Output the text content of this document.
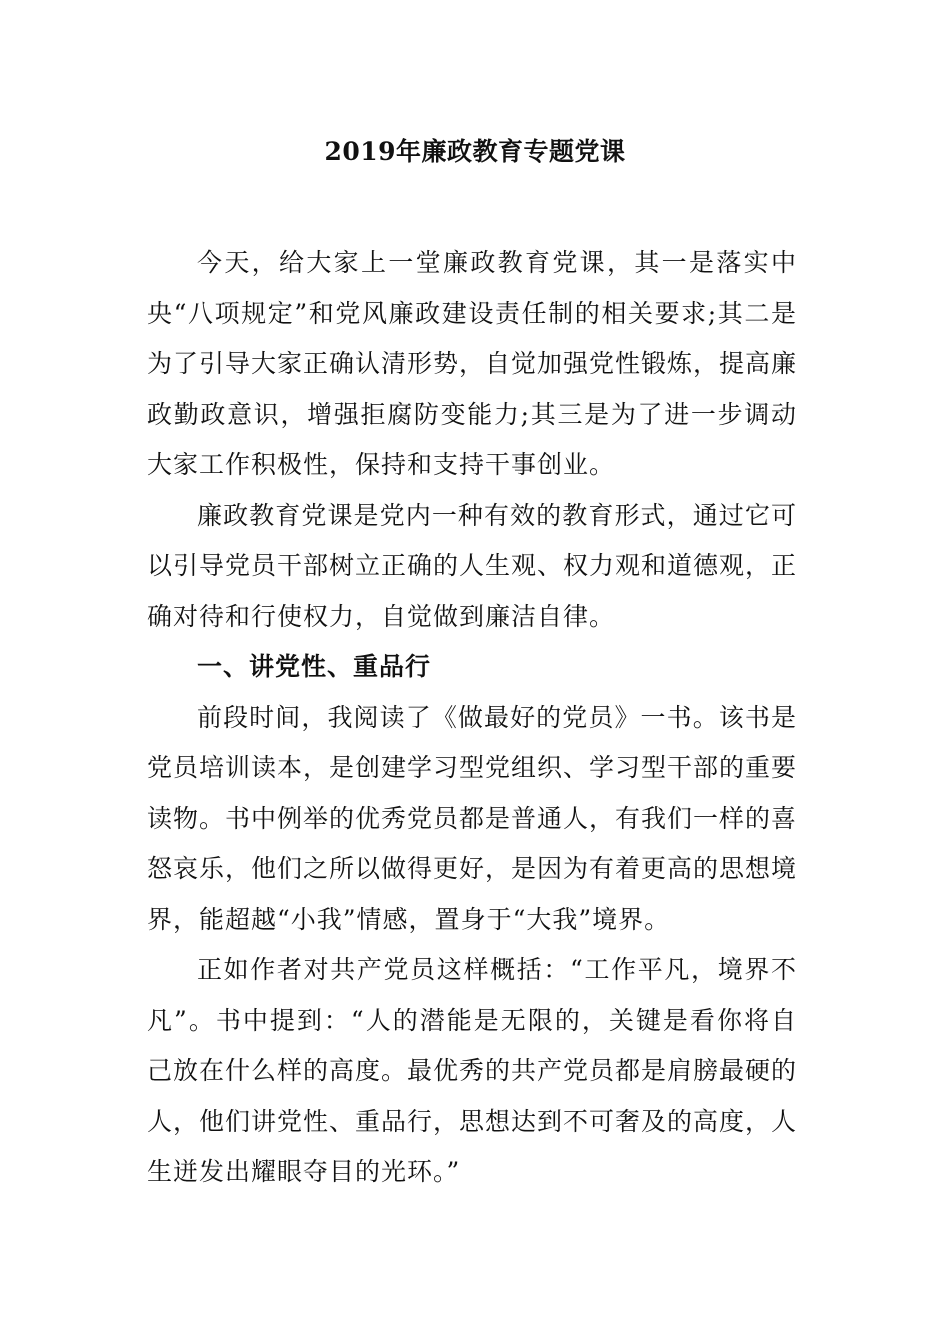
2019年廉政教育专题党课

今天，给大家上一堂廉政教育党课，其一是落实中央“八项规定”和党风廉政建设责任制的相关要求;其二是为了引导大家正确认清形势，自觉加强党性锻炼，提高廉政勤政意识，增强拒腐防变能力;其三是为了进一步调动大家工作积极性，保持和支持干事创业。

廉政教育党课是党内一种有效的教育形式，通过它可以引导党员干部树立正确的人生观、权力观和道德观，正确对待和行使权力，自觉做到廉洁自律。

一、讲党性、重品行

前段时间，我阅读了《做最好的党员》一书。该书是党员培训读本，是创建学习型党组织、学习型干部的重要读物。书中例举的优秀党员都是普通人，有我们一样的喜怒哀乐，他们之所以做得更好，是因为有着更高的思想境界，能超越“小我”情感，置身于“大我”境界。

正如作者对共产党员这样概括：“工作平凡，境界不凡”。书中提到：“人的潜能是无限的，关键是看你将自己放在什么样的高度。最优秀的共产党员都是肩膀最硬的人，他们讲党性、重品行，思想达到不可奢及的高度，人生迸发出耀眼夺目的光环。”
